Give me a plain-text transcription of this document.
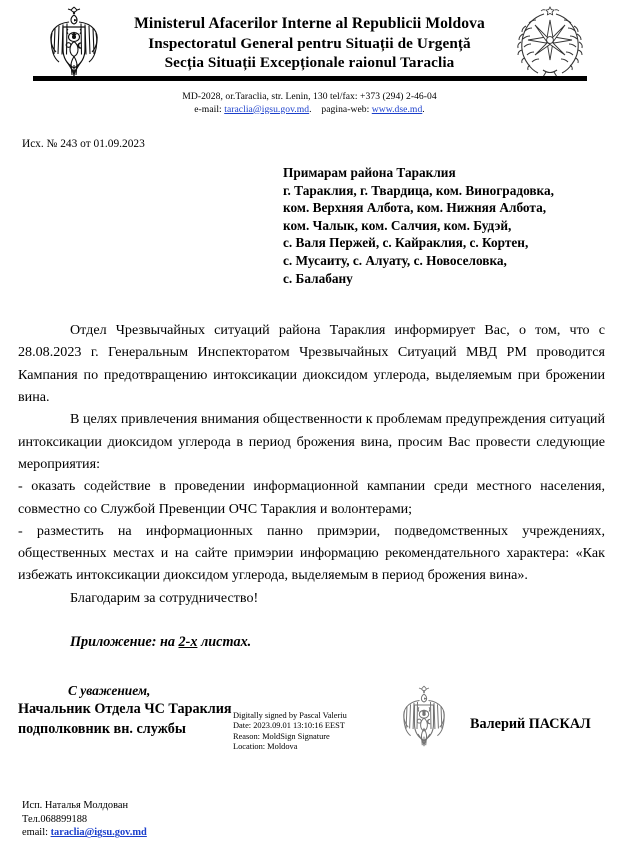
Ministerul Afacerilor Interne al Republicii Moldova
Inspectoratul General pentru Situații de Urgență
Secția Situații Excepționale raionul Taraclia
MD-2028, or.Taraclia, str. Lenin, 130 tel/fax: +373 (294) 2-46-04
e-mail: taraclia@igsu.gov.md. pagina-web: www.dse.md.
Исх. № 243 от 01.09.2023
Примарам района Тараклия
г. Тараклия, г. Твардица, ком. Виноградовка,
ком. Верхняя Албота, ком. Нижняя Албота,
ком. Чалык, ком. Салчия, ком. Будэй,
с. Валя Пержей, с. Кайраклия, с. Кортен,
с. Мусаиту, с. Алуату, с. Новоселовка,
с. Балабану

Отдел Чрезвычайных ситуаций района Тараклия информирует Вас, о том, что с 28.08.2023 г. Генеральным Инспекторатом Чрезвычайных Ситуаций МВД РМ проводится Кампания по предотвращению интоксикации диоксидом углерода, выделяемым при брожении вина.

В целях привлечения внимания общественности к проблемам предупреждения ситуаций интоксикации диоксидом углерода в период брожения вина, просим Вас провести следующие мероприятия:

- оказать содействие в проведении информационной кампании среди местного населения, совместно со Службой Превенции ОЧС Тараклия и волонтерами;

- разместить на информационных панно примэрии, подведомственных учреждениях, общественных местах и на сайте примэрии информацию рекомендательного характера: «Как избежать интоксикации диоксидом углерода, выделяемым в период брожения вина».

Благодарим за сотрудничество!

Приложение: на 2-х листах.
С уважением,
Начальник Отдела ЧС Тараклия
подполковник вн. службы
Digitally signed by Pascal Valeriu
Date: 2023.09.01 13:10:16 EEST
Reason: MoldSign Signature
Location: Moldova
Валерий ПАСКАЛ
Исп. Наталья Молдован
Тел.068899188
email: taraclia@igsu.gov.md
